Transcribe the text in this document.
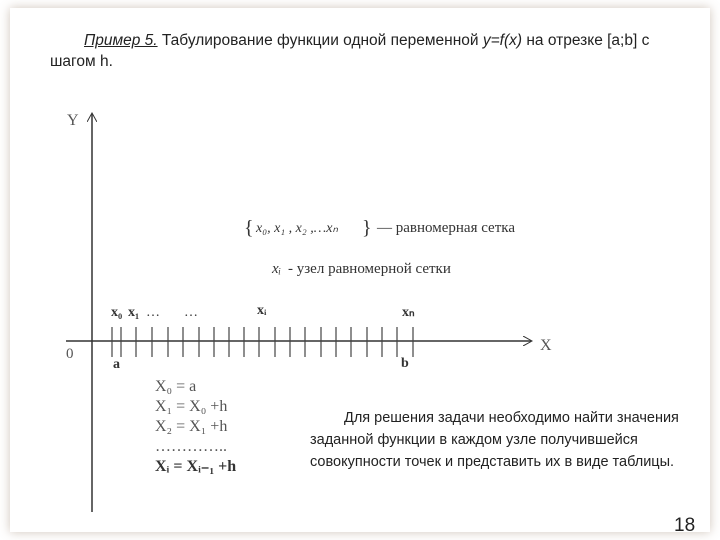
Пример 5. Табулирование функции одной переменной y=f(x) на отрезке [a;b] с шагом h.
Y
X
0
{ x₀, x₁ , x₂ ,…xₙ } — равномерная сетка
xᵢ - узел равномерной сетки
x₀ x₁ … …	xᵢ	xₙ
a	b
X₀ = a
X₁ = X₀ +h
X₂ = X₁ +h
…………..
Xᵢ = Xᵢ₋₁ +h
Для решения задачи необходимо найти значения заданной функции в каждом узле получившейся совокупности точек и представить их в виде таблицы.
18
